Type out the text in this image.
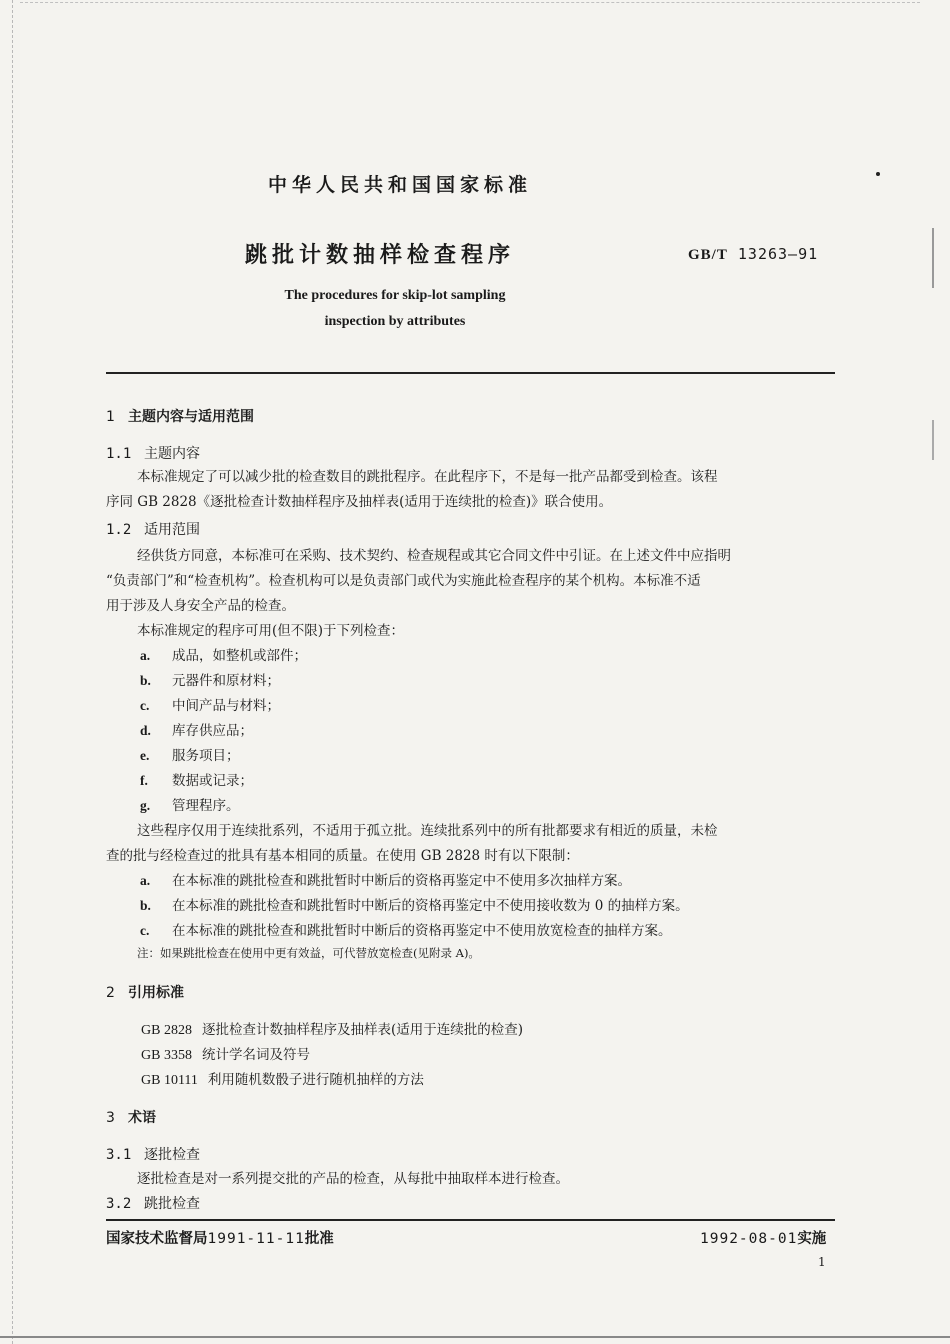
中华人民共和国国家标准
跳批计数抽样检查程序	GB/T 13263—91
The procedures for skip-lot sampling
inspection by attributes
1 主题内容与适用范围
1.1 主题内容
本标准规定了可以减少批的检查数目的跳批程序。在此程序下，不是每一批产品都受到检查。该程
序同 GB 2828《逐批检查计数抽样程序及抽样表(适用于连续批的检查)》联合使用。
1.2 适用范围
经供货方同意，本标准可在采购、技术契约、检查规程或其它合同文件中引证。在上述文件中应指明
“负责部门”和“检查机构”。检查机构可以是负责部门或代为实施此检查程序的某个机构。本标准不适
用于涉及人身安全产品的检查。
本标准规定的程序可用(但不限)于下列检查：
a. 成品，如整机或部件；
b. 元器件和原材料；
c. 中间产品与材料；
d. 库存供应品；
e. 服务项目；
f. 数据或记录；
g. 管理程序。
这些程序仅用于连续批系列，不适用于孤立批。连续批系列中的所有批都要求有相近的质量，未检
查的批与经检查过的批具有基本相同的质量。在使用 GB 2828 时有以下限制：
a. 在本标准的跳批检查和跳批暂时中断后的资格再鉴定中不使用多次抽样方案。
b. 在本标准的跳批检查和跳批暂时中断后的资格再鉴定中不使用接收数为 0 的抽样方案。
c. 在本标准的跳批检查和跳批暂时中断后的资格再鉴定中不使用放宽检查的抽样方案。
注：如果跳批检查在使用中更有效益，可代替放宽检查(见附录 A)。
2 引用标准
GB 2828 逐批检查计数抽样程序及抽样表(适用于连续批的检查)
GB 3358 统计学名词及符号
GB 10111 利用随机数骰子进行随机抽样的方法
3 术语
3.1 逐批检查
逐批检查是对一系列提交批的产品的检查，从每批中抽取样本进行检查。
3.2 跳批检查
国家技术监督局1991-11-11批准	1992-08-01实施
1
